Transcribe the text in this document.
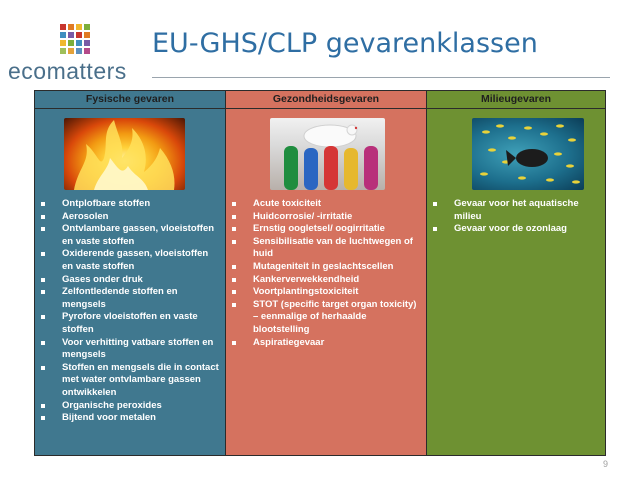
ecomatters
EU-GHS/CLP gevarenklassen
Fysische gevaren
Ontplofbare stoffen
Aerosolen
Ontvlambare gassen, vloeistoffen en vaste stoffen
Oxiderende gassen, vloeistoffen en vaste stoffen
Gases onder druk
Zelfontledende stoffen en mengsels
Pyrofore vloeistoffen en vaste stoffen
Voor verhitting vatbare stoffen en mengsels
Stoffen en mengsels die in contact met water ontvlambare gassen ontwikkelen
Organische peroxides
Bijtend voor metalen
Gezondheidsgevaren
Acute toxiciteit
Huidcorrosie/ -irritatie
Ernstig oogletsel/ oogirritatie
Sensibilisatie van de luchtwegen of huid
Mutageniteit in geslachtscellen
Kankerverwekkendheid
Voortplantingstoxiciteit
STOT (specific target organ toxicity) – eenmalige of herhaalde blootstelling
Aspiratiegevaar
Milieugevaren
Gevaar voor het aquatische milieu
Gevaar voor de ozonlaag
9
